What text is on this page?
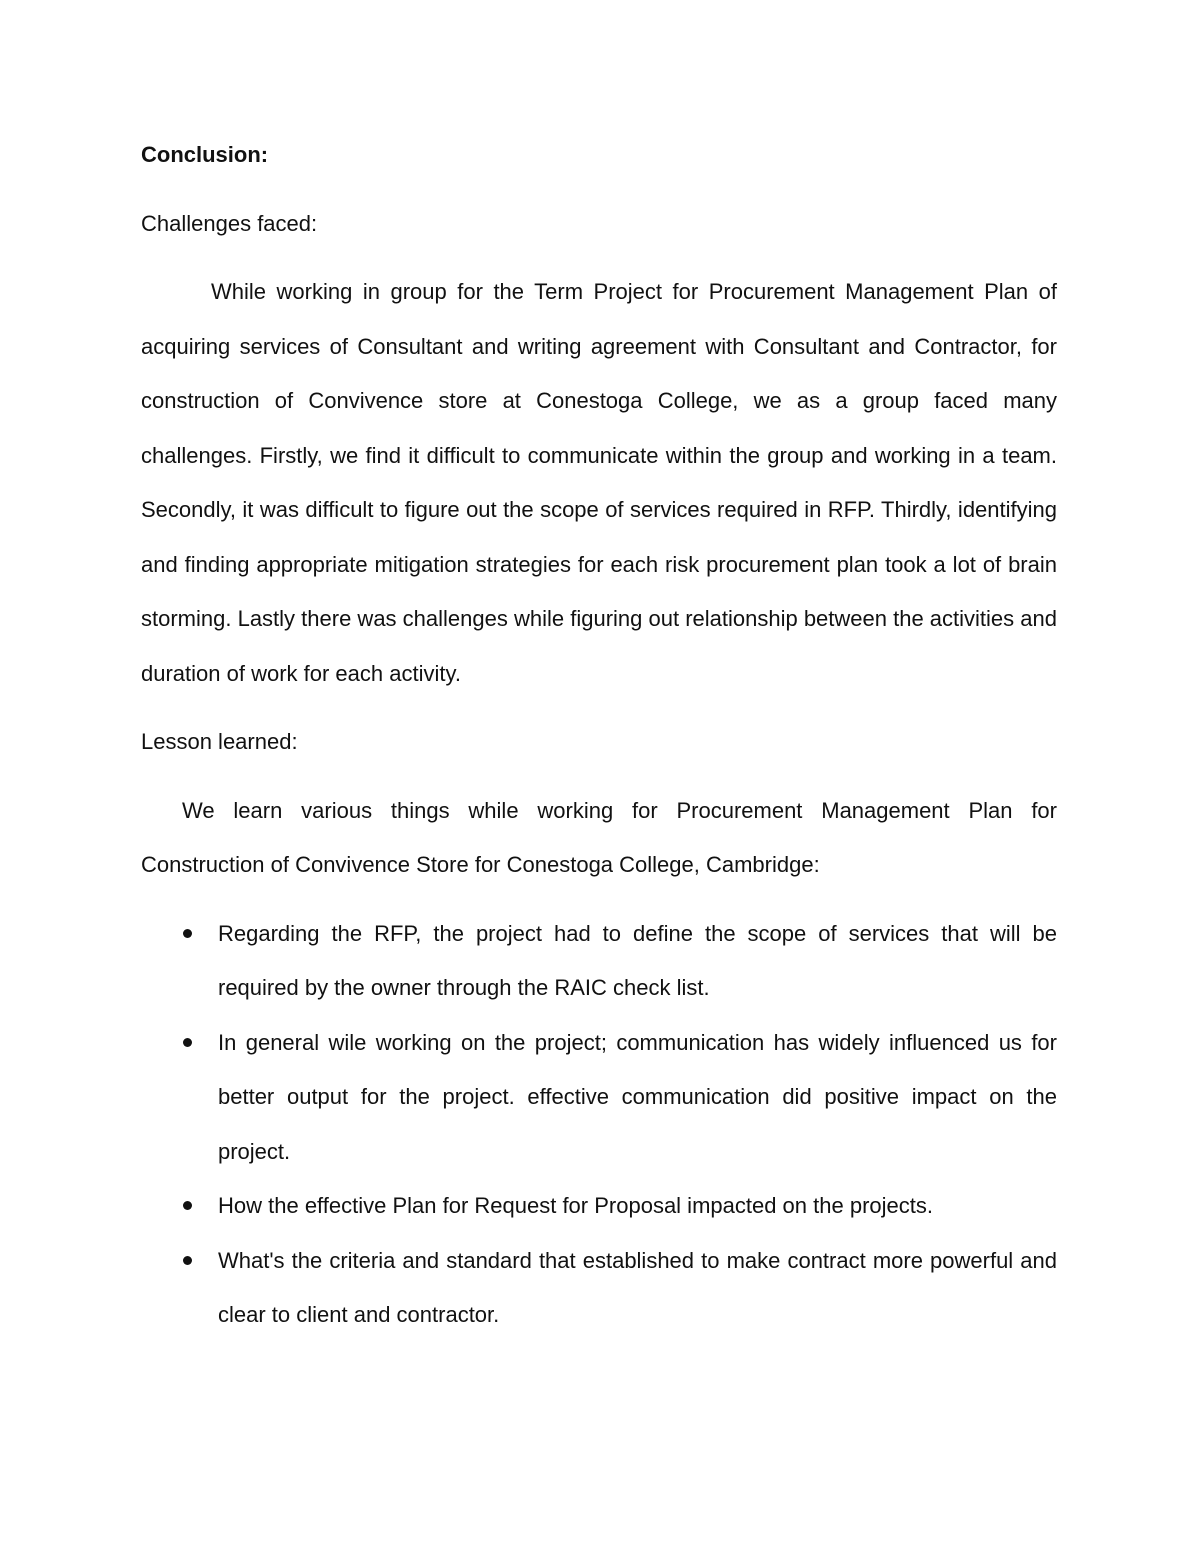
Conclusion:
Challenges faced:

While working in group for the Term Project for Procurement Management Plan of acquiring services of Consultant and writing agreement with Consultant and Contractor, for construction of Convivence store at Conestoga College, we as a group faced many challenges. Firstly, we find it difficult to communicate within the group and working in a team. Secondly, it was difficult to figure out the scope of services required in RFP. Thirdly, identifying and finding appropriate mitigation strategies for each risk procurement plan took a lot of brain storming. Lastly there was challenges while figuring out relationship between the activities and duration of work for each activity.

Lesson learned:

We learn various things while working for Procurement Management Plan for Construction of Convivence Store for Conestoga College, Cambridge:

Regarding the RFP, the project had to define the scope of services that will be required by the owner through the RAIC check list.
In general wile working on the project; communication has widely influenced us for better output for the project. effective communication did positive impact on the project.
How the effective Plan for Request for Proposal impacted on the projects.
What's the criteria and standard that established to make contract more powerful and clear to client and contractor.
